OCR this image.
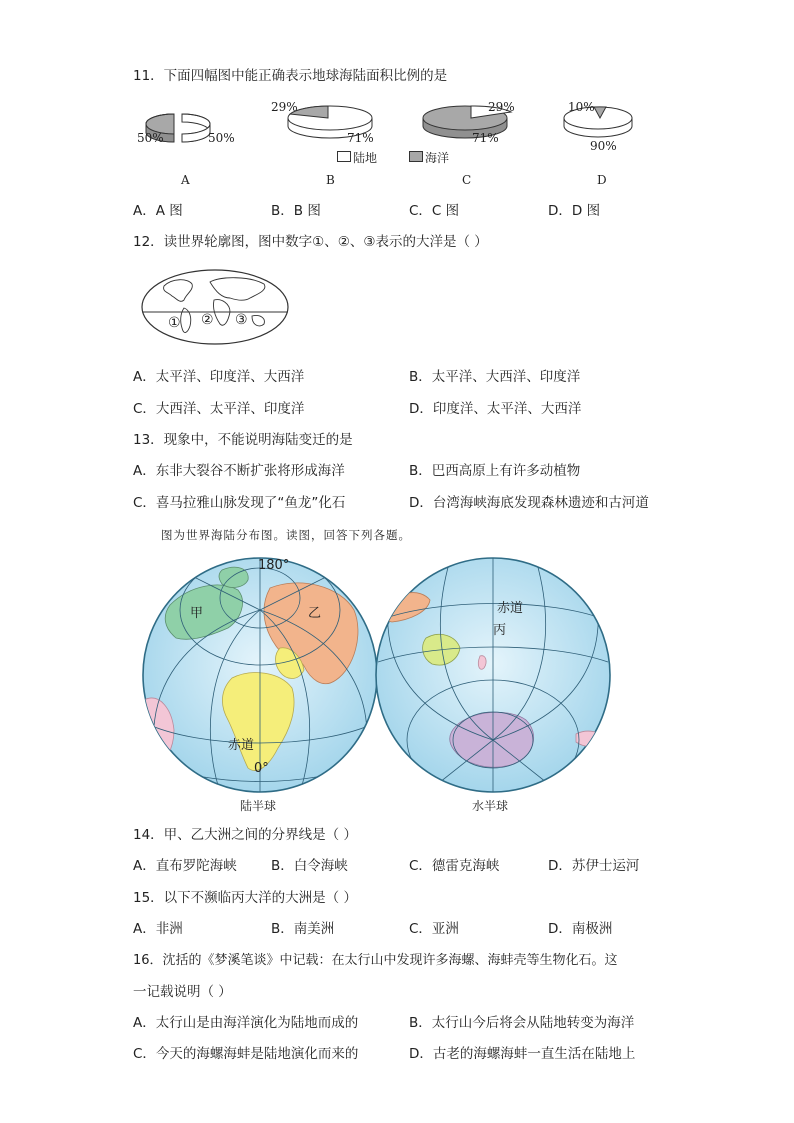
11．下面四幅图中能正确表示地球海陆面积比例的是
50%	50%
29%
71%
29%
71%
10%
90%
陆地	海洋
A	B	C	D
A．A 图	B．B 图	C．C 图	D．D 图
12．读世界轮廓图，图中数字①、②、③表示的大洋是（ ）
① ② ③
A．太平洋、印度洋、大西洋	B．太平洋、大西洋、印度洋
C．大西洋、太平洋、印度洋	D．印度洋、太平洋、大西洋
13．现象中，不能说明海陆变迁的是
A．东非大裂谷不断扩张将形成海洋	B．巴西高原上有许多动植物
C．喜马拉雅山脉发现了“鱼龙”化石	D．台湾海峡海底发现森林遗迹和古河道
图为世界海陆分布图。读图，回答下列各题。
180°
甲	乙
赤道
0°
赤道
丙
陆半球	水半球
14．甲、乙大洲之间的分界线是（ ）
A．直布罗陀海峡	B．白令海峡	C．德雷克海峡	D．苏伊士运河
15．以下不濒临丙大洋的大洲是（ ）
A．非洲	B．南美洲	C．亚洲	D．南极洲
16．沈括的《梦溪笔谈》中记载：在太行山中发现许多海螺、海蚌壳等生物化石。这
一记载说明（ ）
A．太行山是由海洋演化为陆地而成的	B．太行山今后将会从陆地转变为海洋
C．今天的海螺海蚌是陆地演化而来的	D．古老的海螺海蚌一直生活在陆地上
